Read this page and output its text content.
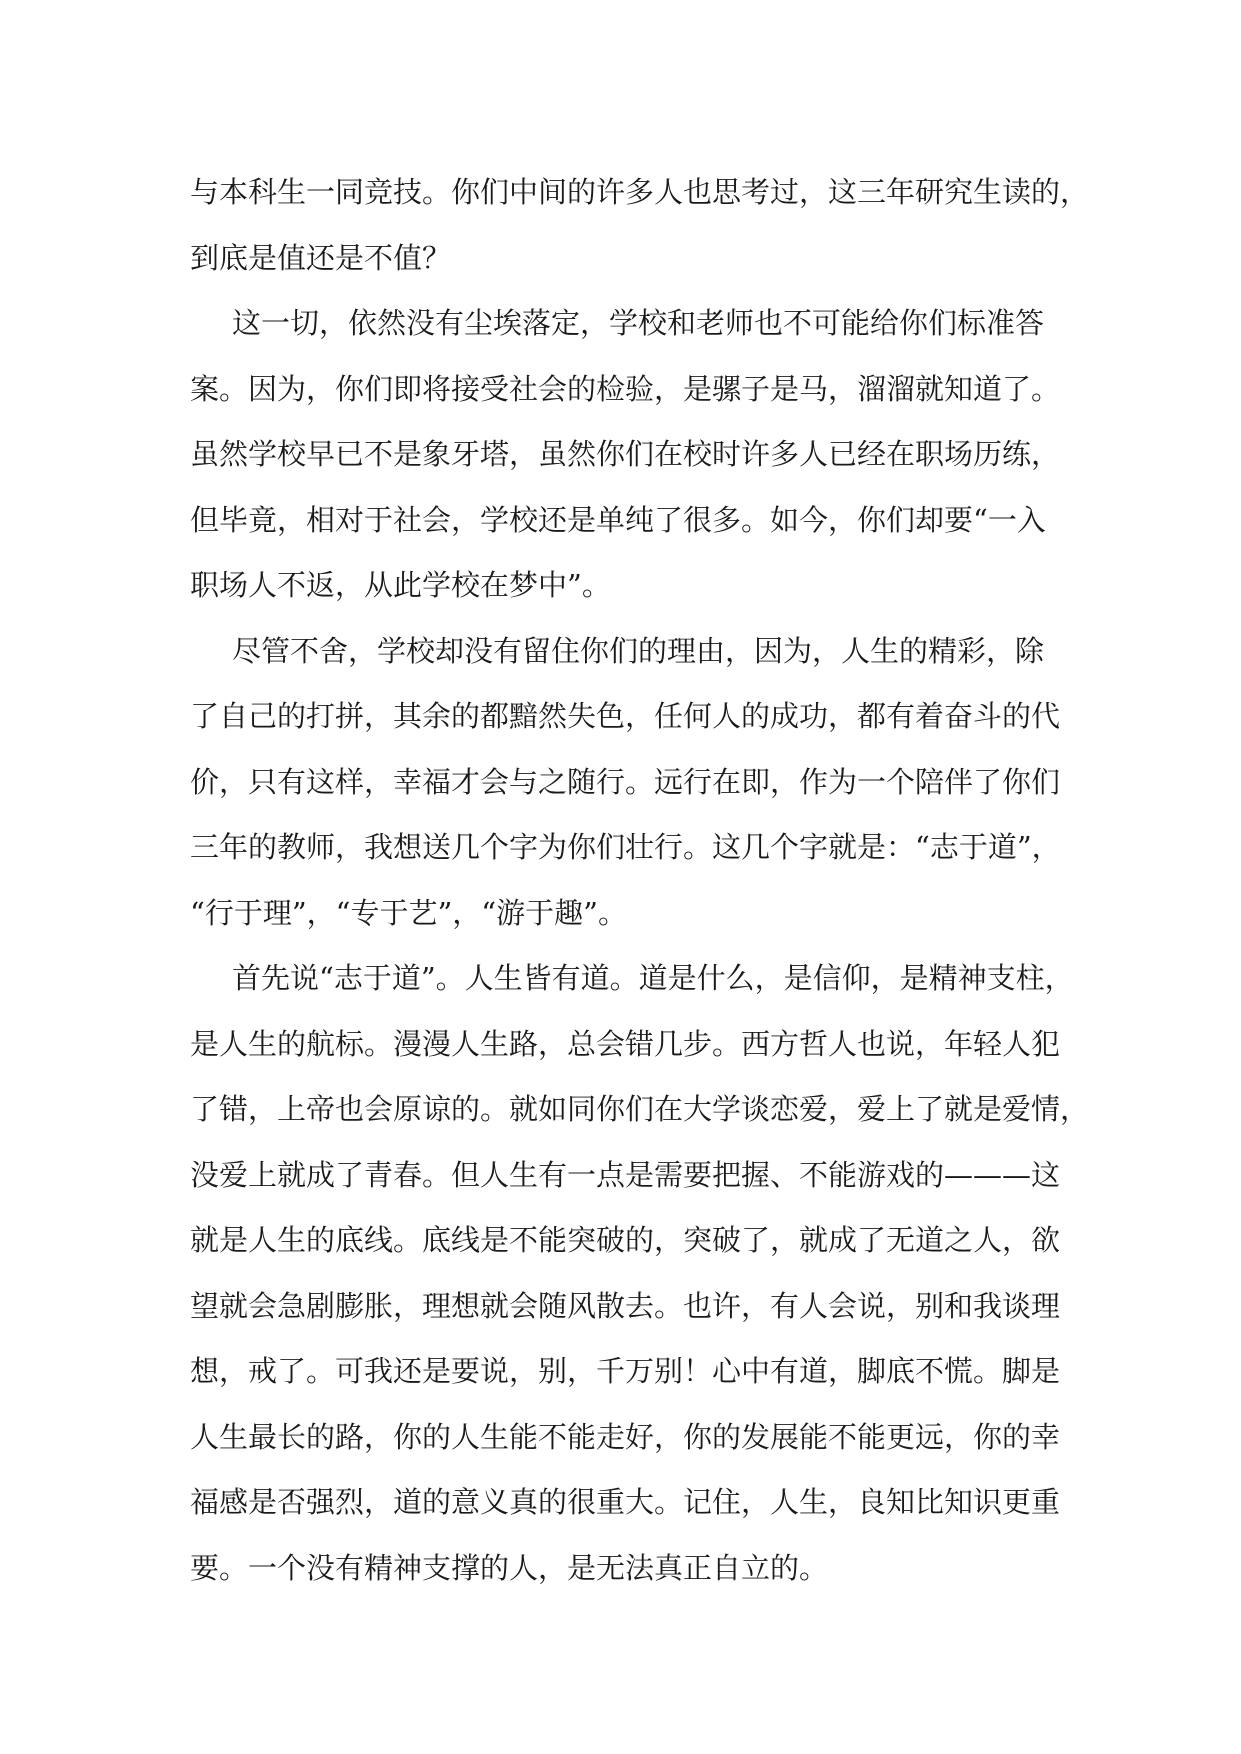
与本科生一同竞技。你们中间的许多人也思考过，这三年研究生读的，
到底是值还是不值？
这一切，依然没有尘埃落定，学校和老师也不可能给你们标准答
案。因为，你们即将接受社会的检验，是骡子是马，溜溜就知道了。
虽然学校早已不是象牙塔，虽然你们在校时许多人已经在职场历练，
但毕竟，相对于社会，学校还是单纯了很多。如今，你们却要“一入
职场人不返，从此学校在梦中”。
尽管不舍，学校却没有留住你们的理由，因为，人生的精彩，除
了自己的打拼，其余的都黯然失色，任何人的成功，都有着奋斗的代
价，只有这样，幸福才会与之随行。远行在即，作为一个陪伴了你们
三年的教师，我想送几个字为你们壮行。这几个字就是：“志于道”，
“行于理”，“专于艺”，“游于趣”。
首先说“志于道”。人生皆有道。道是什么，是信仰，是精神支柱，
是人生的航标。漫漫人生路，总会错几步。西方哲人也说，年轻人犯
了错，上帝也会原谅的。就如同你们在大学谈恋爱，爱上了就是爱情，
没爱上就成了青春。但人生有一点是需要把握、不能游戏的———这
就是人生的底线。底线是不能突破的，突破了，就成了无道之人，欲
望就会急剧膨胀，理想就会随风散去。也许，有人会说，别和我谈理
想，戒了。可我还是要说，别，千万别！心中有道，脚底不慌。脚是
人生最长的路，你的人生能不能走好，你的发展能不能更远，你的幸
福感是否强烈，道的意义真的很重大。记住，人生，良知比知识更重
要。一个没有精神支撑的人，是无法真正自立的。
